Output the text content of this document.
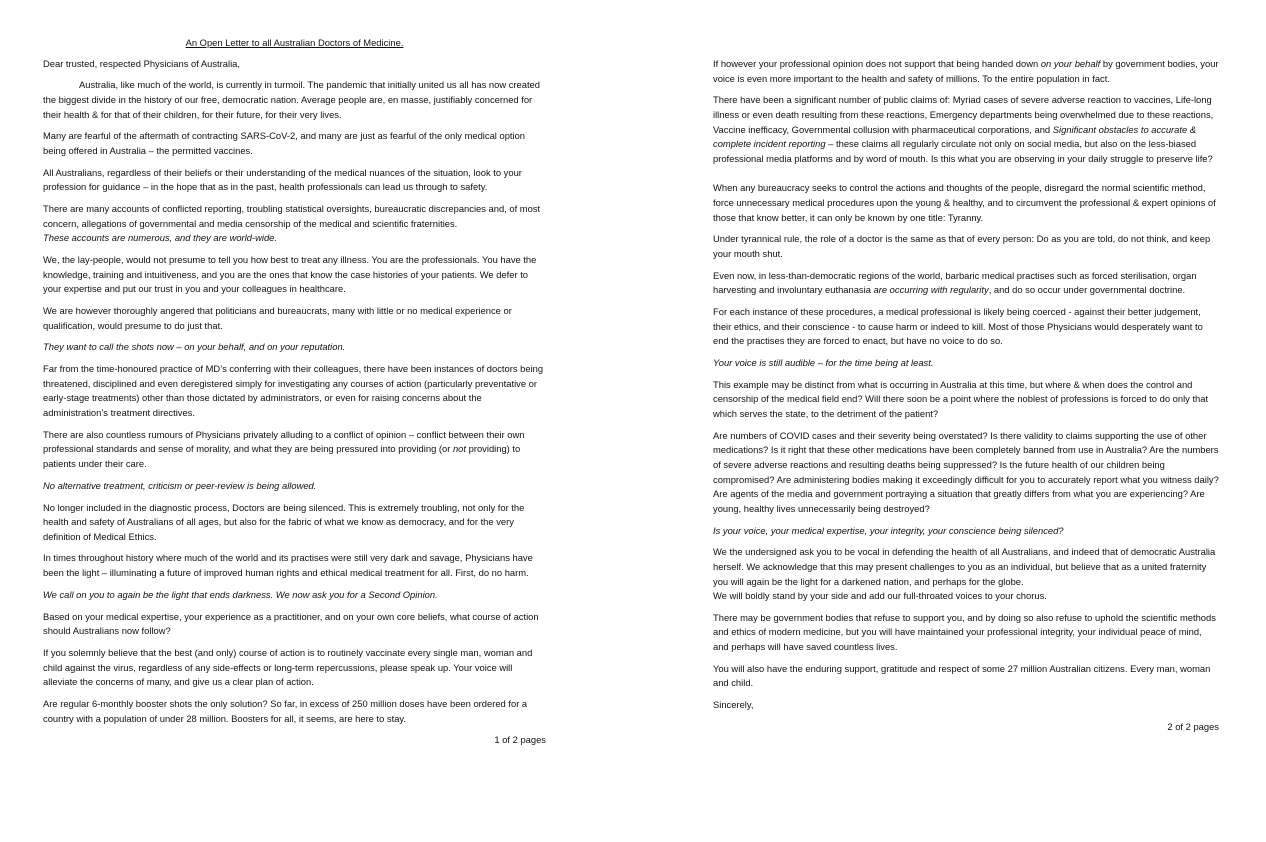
An Open Letter to all Australian Doctors of Medicine.

Dear trusted, respected Physicians of Australia,

Australia, like much of the world, is currently in turmoil. The pandemic that initially united us all has now created the biggest divide in the history of our free, democratic nation. Average people are, en masse, justifiably concerned for their health & for that of their children, for their future, for their very lives.

Many are fearful of the aftermath of contracting SARS-CoV-2, and many are just as fearful of the only medical option being offered in Australia – the permitted vaccines.

All Australians, regardless of their beliefs or their understanding of the medical nuances of the situation, look to your profession for guidance – in the hope that as in the past, health professionals can lead us through to safety.

There are many accounts of conflicted reporting, troubling statistical oversights, bureaucratic discrepancies and, of most concern, allegations of governmental and media censorship of the medical and scientific fraternities.
These accounts are numerous, and they are world-wide.

We, the lay-people, would not presume to tell you how best to treat any illness. You are the professionals. You have the knowledge, training and intuitiveness, and you are the ones that know the case histories of your patients. We defer to your expertise and put our trust in you and your colleagues in healthcare.

We are however thoroughly angered that politicians and bureaucrats, many with little or no medical experience or qualification, would presume to do just that.

They want to call the shots now – on your behalf, and on your reputation.

Far from the time-honoured practice of MD’s conferring with their colleagues, there have been instances of doctors being threatened, disciplined and even deregistered simply for investigating any courses of action (particularly preventative or early-stage treatments) other than those dictated by administrators, or even for raising concerns about the administration’s treatment directives.

There are also countless rumours of Physicians privately alluding to a conflict of opinion – conflict between their own professional standards and sense of morality, and what they are being pressured into providing (or not providing) to patients under their care.

No alternative treatment, criticism or peer-review is being allowed.

No longer included in the diagnostic process, Doctors are being silenced. This is extremely troubling, not only for the health and safety of Australians of all ages, but also for the fabric of what we know as democracy, and for the very definition of Medical Ethics.

In times throughout history where much of the world and its practises were still very dark and savage, Physicians have been the light – illuminating a future of improved human rights and ethical medical treatment for all. First, do no harm.

We call on you to again be the light that ends darkness. We now ask you for a Second Opinion.

Based on your medical expertise, your experience as a practitioner, and on your own core beliefs, what course of action should Australians now follow?

If you solemnly believe that the best (and only) course of action is to routinely vaccinate every single man, woman and child against the virus, regardless of any side-effects or long-term repercussions, please speak up. Your voice will alleviate the concerns of many, and give us a clear plan of action.

Are regular 6-monthly booster shots the only solution? So far, in excess of 250 million doses have been ordered for a country with a population of under 28 million. Boosters for all, it seems, are here to stay.

1 of 2 pages

If however your professional opinion does not support that being handed down on your behalf by government bodies, your voice is even more important to the health and safety of millions. To the entire population in fact.

There have been a significant number of public claims of: Myriad cases of severe adverse reaction to vaccines, Life-long illness or even death resulting from these reactions, Emergency departments being overwhelmed due to these reactions, Vaccine inefficacy, Governmental collusion with pharmaceutical corporations, and Significant obstacles to accurate & complete incident reporting – these claims all regularly circulate not only on social media, but also on the less-biased professional media platforms and by word of mouth. Is this what you are observing in your daily struggle to preserve life?

When any bureaucracy seeks to control the actions and thoughts of the people, disregard the normal scientific method, force unnecessary medical procedures upon the young & healthy, and to circumvent the professional & expert opinions of those that know better, it can only be known by one title: Tyranny.

Under tyrannical rule, the role of a doctor is the same as that of every person: Do as you are told, do not think, and keep your mouth shut.

Even now, in less-than-democratic regions of the world, barbaric medical practises such as forced sterilisation, organ harvesting and involuntary euthanasia are occurring with regularity, and do so occur under governmental doctrine.

For each instance of these procedures, a medical professional is likely being coerced - against their better judgement, their ethics, and their conscience - to cause harm or indeed to kill. Most of those Physicians would desperately want to end the practises they are forced to enact, but have no voice to do so.

Your voice is still audible – for the time being at least.

This example may be distinct from what is occurring in Australia at this time, but where & when does the control and censorship of the medical field end? Will there soon be a point where the noblest of professions is forced to do only that which serves the state, to the detriment of the patient?

Are numbers of COVID cases and their severity being overstated? Is there validity to claims supporting the use of other medications? Is it right that these other medications have been completely banned from use in Australia? Are the numbers of severe adverse reactions and resulting deaths being suppressed? Is the future health of our children being compromised? Are administering bodies making it exceedingly difficult for you to accurately report what you witness daily? Are agents of the media and government portraying a situation that greatly differs from what you are experiencing? Are young, healthy lives unnecessarily being destroyed?

Is your voice, your medical expertise, your integrity, your conscience being silenced?

We the undersigned ask you to be vocal in defending the health of all Australians, and indeed that of democratic Australia herself. We acknowledge that this may present challenges to you as an individual, but believe that as a united fraternity you will again be the light for a darkened nation, and perhaps for the globe.
We will boldly stand by your side and add our full-throated voices to your chorus.

There may be government bodies that refuse to support you, and by doing so also refuse to uphold the scientific methods and ethics of modern medicine, but you will have maintained your professional integrity, your individual peace of mind, and perhaps will have saved countless lives.

You will also have the enduring support, gratitude and respect of some 27 million Australian citizens. Every man, woman and child.

Sincerely,

2 of 2 pages
